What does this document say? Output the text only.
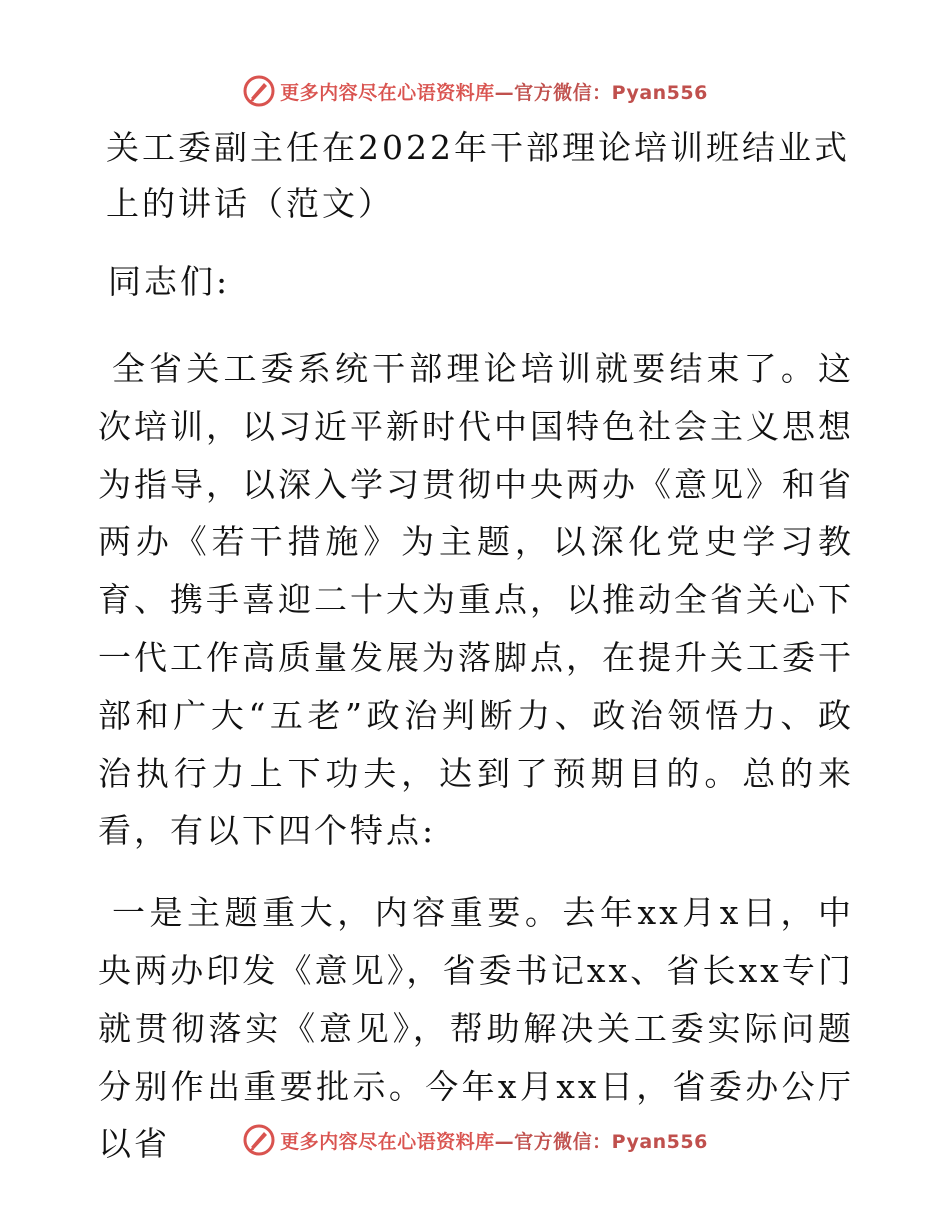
更多内容尽在心语资料库—官方微信：Pyan556
关工委副主任在2022年干部理论培训班结业式上的讲话（范文）

同志们:

全省关工委系统干部理论培训就要结束了。这次培训，以习近平新时代中国特色社会主义思想为指导，以深入学习贯彻中央两办《意见》和省两办《若干措施》为主题，以深化党史学习教育、携手喜迎二十大为重点，以推动全省关心下一代工作高质量发展为落脚点，在提升关工委干部和广大“五老”政治判断力、政治领悟力、政治执行力上下功夫，达到了预期目的。总的来看，有以下四个特点:

一是主题重大，内容重要。去年xx月x日，中央两办印发《意见》，省委书记xx、省长xx专门就贯彻落实《意见》，帮助解决关工委实际问题分别作出重要批示。今年x月xx日，省委办公厅以省	更多内容尽在心语资料库—官方微信：Pyan556
